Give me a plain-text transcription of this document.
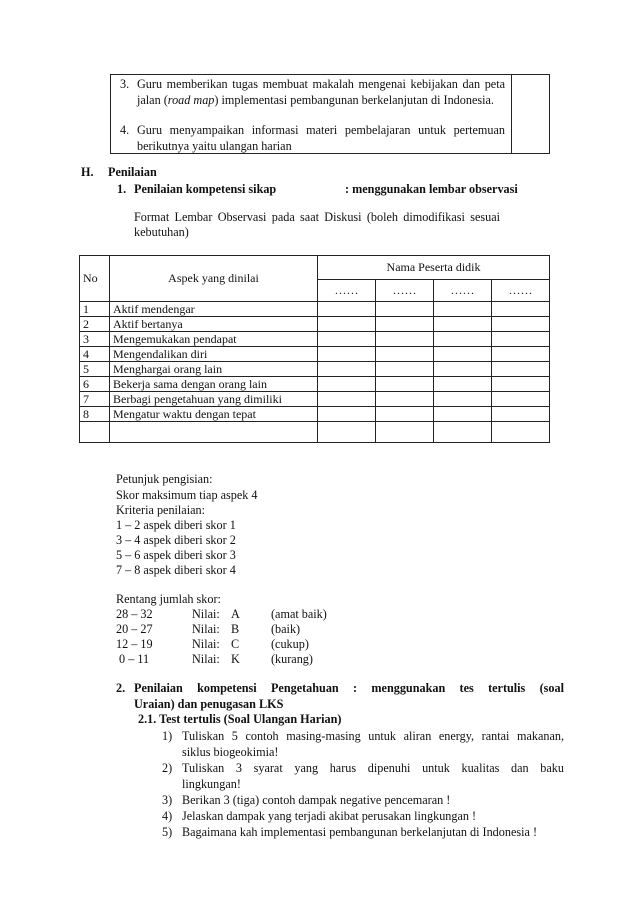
3. Guru memberikan tugas membuat makalah mengenai kebijakan dan peta jalan (road map) implementasi pembangunan berkelanjutan di Indonesia.
4. Guru menyampaikan informasi materi pembelajaran untuk pertemuan berikutnya yaitu ulangan harian
H. Penilaian
1. Penilaian kompetensi sikap	: menggunakan lembar observasi
Format Lembar Observasi pada saat Diskusi (boleh dimodifikasi sesuai
kebutuhan)
No	Aspek yang dinilai	Nama Peserta didik			
		……	……	……	……
1	Aktif mendengar				
2	Aktif bertanya				
3	Mengemukakan pendapat				
4	Mengendalikan diri				
5	Menghargai orang lain				
6	Bekerja sama dengan orang lain				
7	Berbagi pengetahuan yang dimiliki				
8	Mengatur waktu dengan tepat				

Petunjuk pengisian:
Skor maksimum tiap aspek 4
Kriteria penilaian:
1 – 2 aspek diberi skor 1
3 – 4 aspek diberi skor 2
5 – 6 aspek diberi skor 3
7 – 8 aspek diberi skor 4
Rentang jumlah skor:
28 – 32	Nilai: A	(amat baik)
20 – 27	Nilai: B	(baik)
12 – 19	Nilai: C	(cukup)
0 – 11	Nilai: K	(kurang)
2. Penilaian kompetensi Pengetahuan : menggunakan tes tertulis (soal
Uraian) dan penugasan LKS
2.1. Test tertulis (Soal Ulangan Harian)
1) Tuliskan 5 contoh masing-masing untuk aliran energy, rantai makanan,
siklus biogeokimia!
2) Tuliskan 3 syarat yang harus dipenuhi untuk kualitas dan baku
lingkungan!
3) Berikan 3 (tiga) contoh dampak negative pencemaran !
4) Jelaskan dampak yang terjadi akibat perusakan lingkungan !
5) Bagaimana kah implementasi pembangunan berkelanjutan di Indonesia !
